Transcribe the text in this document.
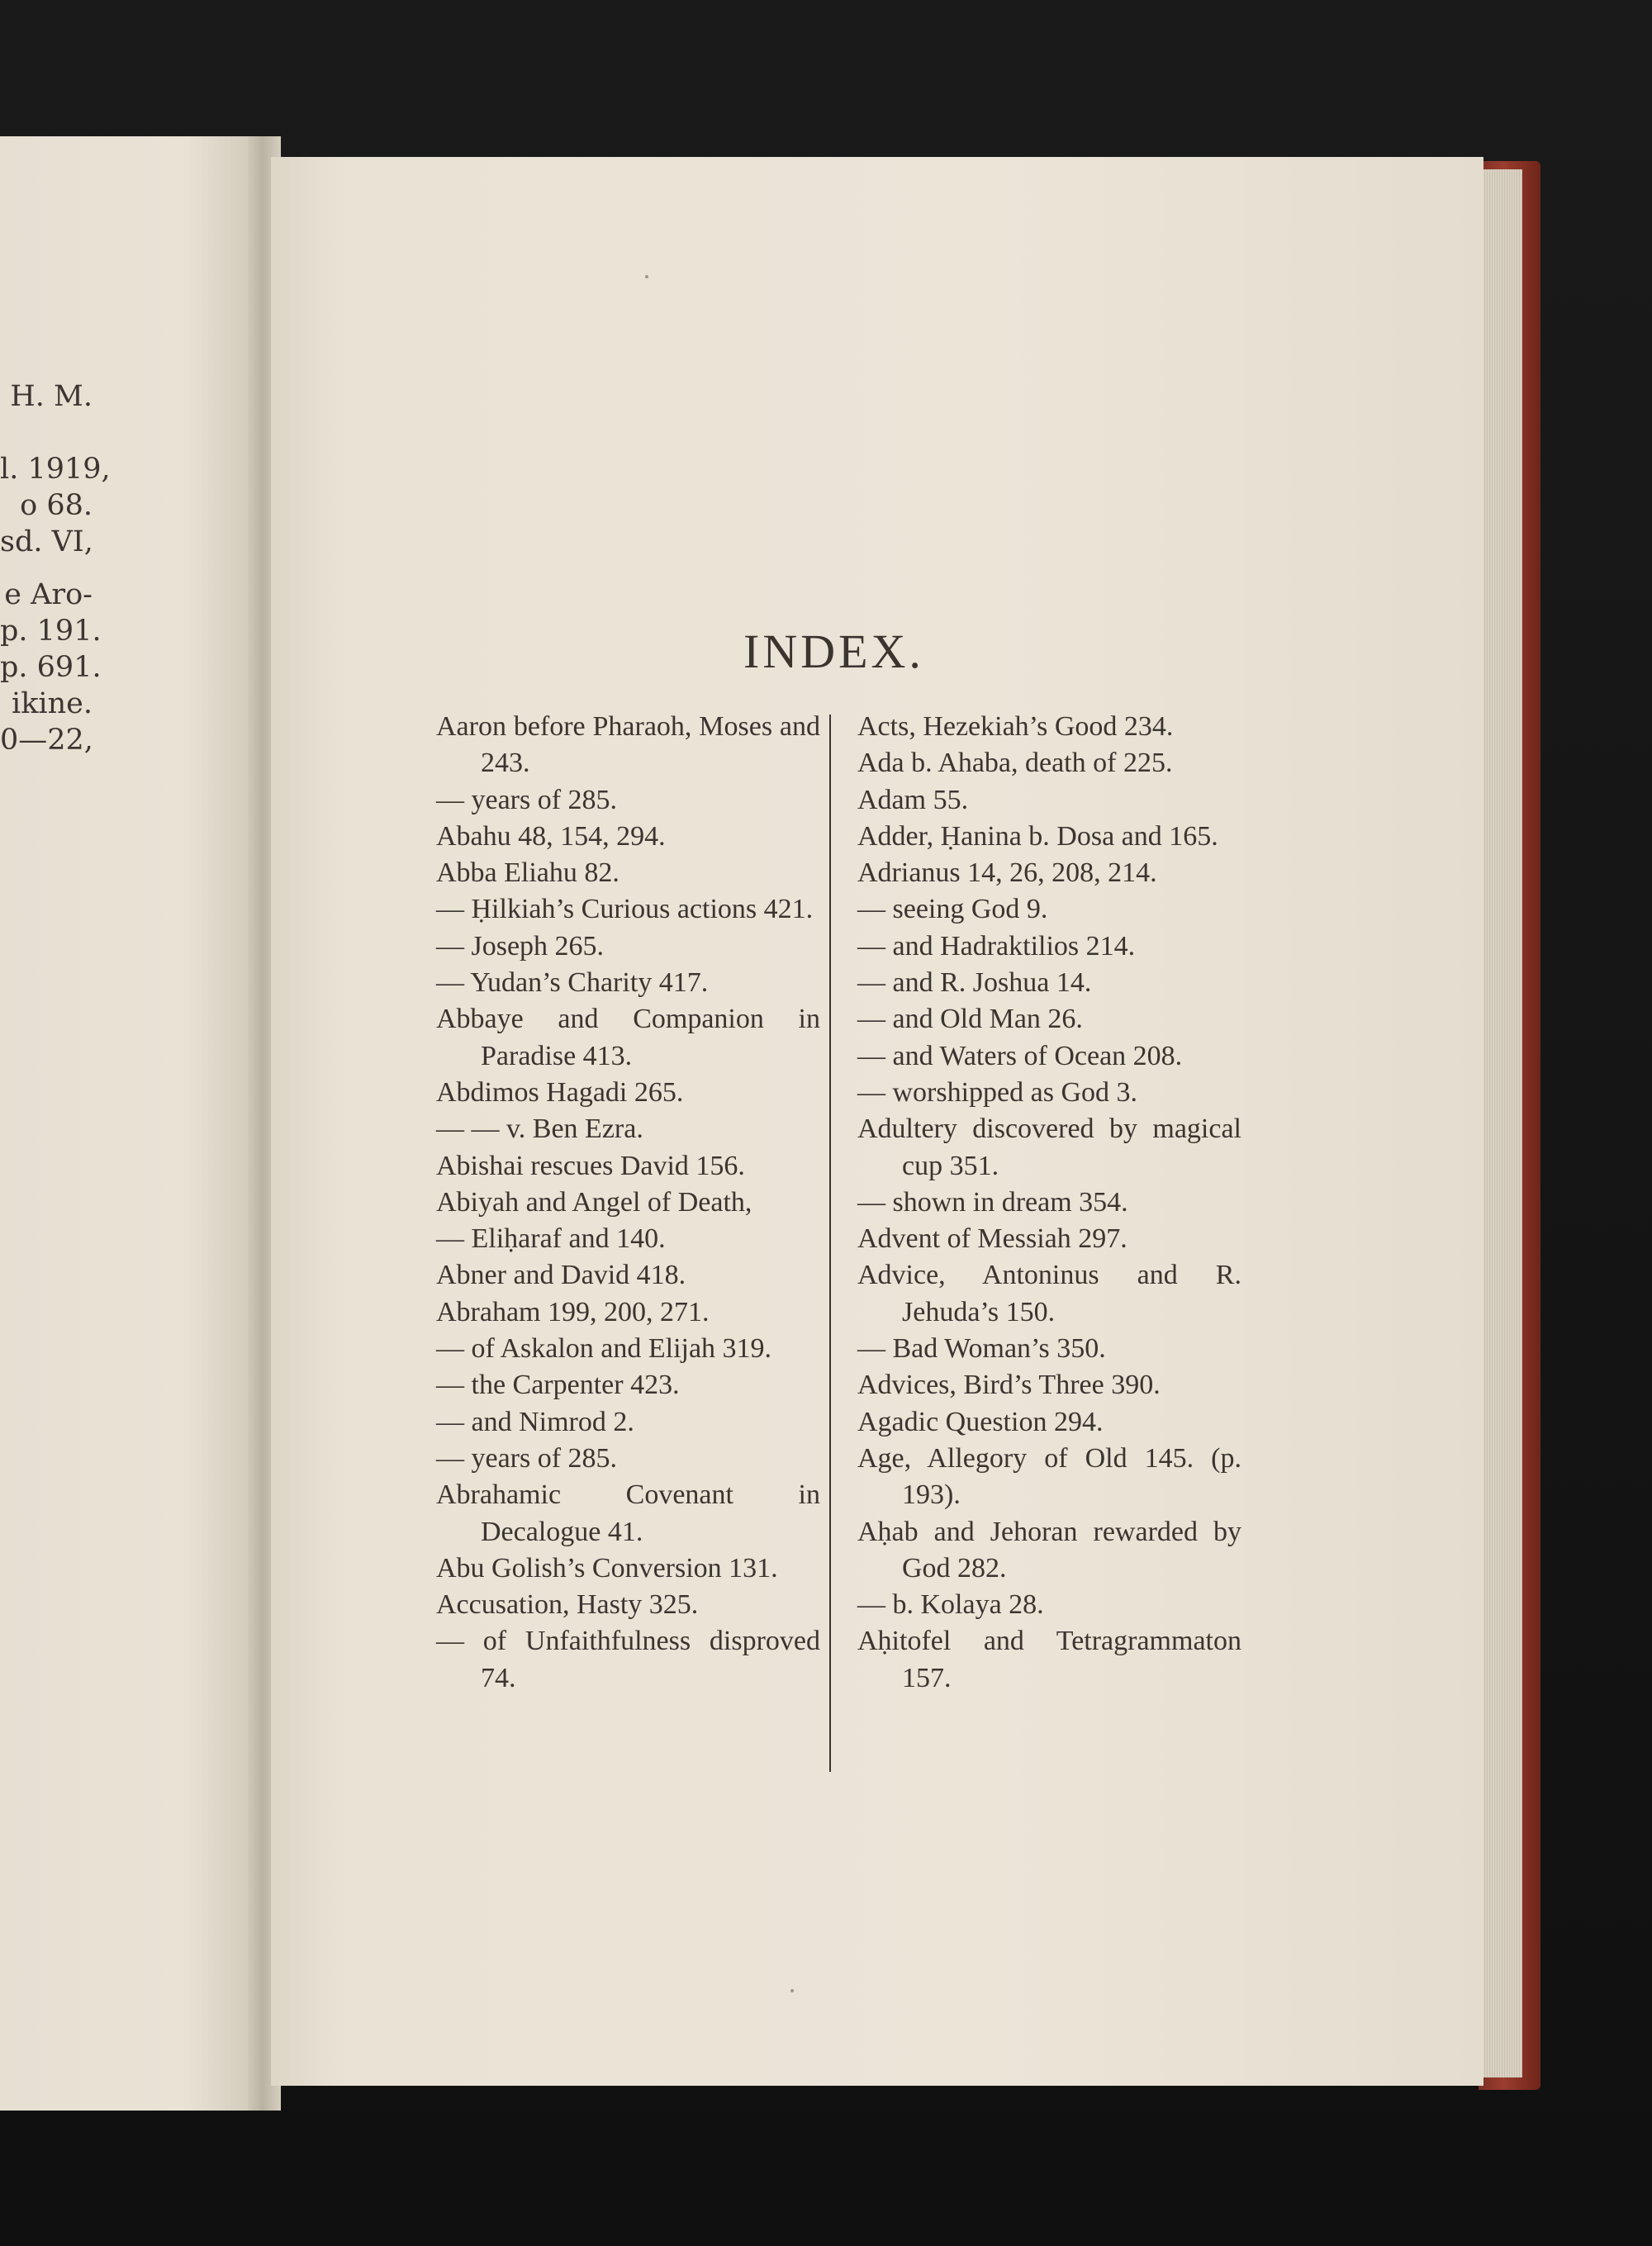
H. M.
l. 1919,
o 68.
sd. VI,
e Aro-
p. 191.
p. 691.
ikine.
0—22,
INDEX.
Aaron before Pharaoh, Moses and 243.
— years of 285.
Abahu 48, 154, 294.
Abba Eliahu 82.
— Ḥilkiah’s Curious actions 421.
— Joseph 265.
— Yudan’s Charity 417.
Abbaye and Companion in Paradise 413.
Abdimos Hagadi 265.
— — v. Ben Ezra.
Abishai rescues David 156.
Abiyah and Angel of Death,
— Eliḥaraf and 140.
Abner and David 418.
Abraham 199, 200, 271.
— of Askalon and Elijah 319.
— the Carpenter 423.
— and Nimrod 2.
— years of 285.
Abrahamic Covenant in Decalogue 41.
Abu Golish’s Conversion 131.
Accusation, Hasty 325.
— of Unfaithfulness disproved 74.
Acts, Hezekiah’s Good 234.
Ada b. Ahaba, death of 225.
Adam 55.
Adder, Ḥanina b. Dosa and 165.
Adrianus 14, 26, 208, 214.
— seeing God 9.
— and Hadraktilios 214.
— and R. Joshua 14.
— and Old Man 26.
— and Waters of Ocean 208.
— worshipped as God 3.
Adultery discovered by magical cup 351.
— shown in dream 354.
Advent of Messiah 297.
Advice, Antoninus and R. Jehuda’s 150.
— Bad Woman’s 350.
Advices, Bird’s Three 390.
Agadic Question 294.
Age, Allegory of Old 145. (p. 193).
Aḥab and Jehoran rewarded by God 282.
— b. Kolaya 28.
Aḥitofel and Tetragrammaton 157.
